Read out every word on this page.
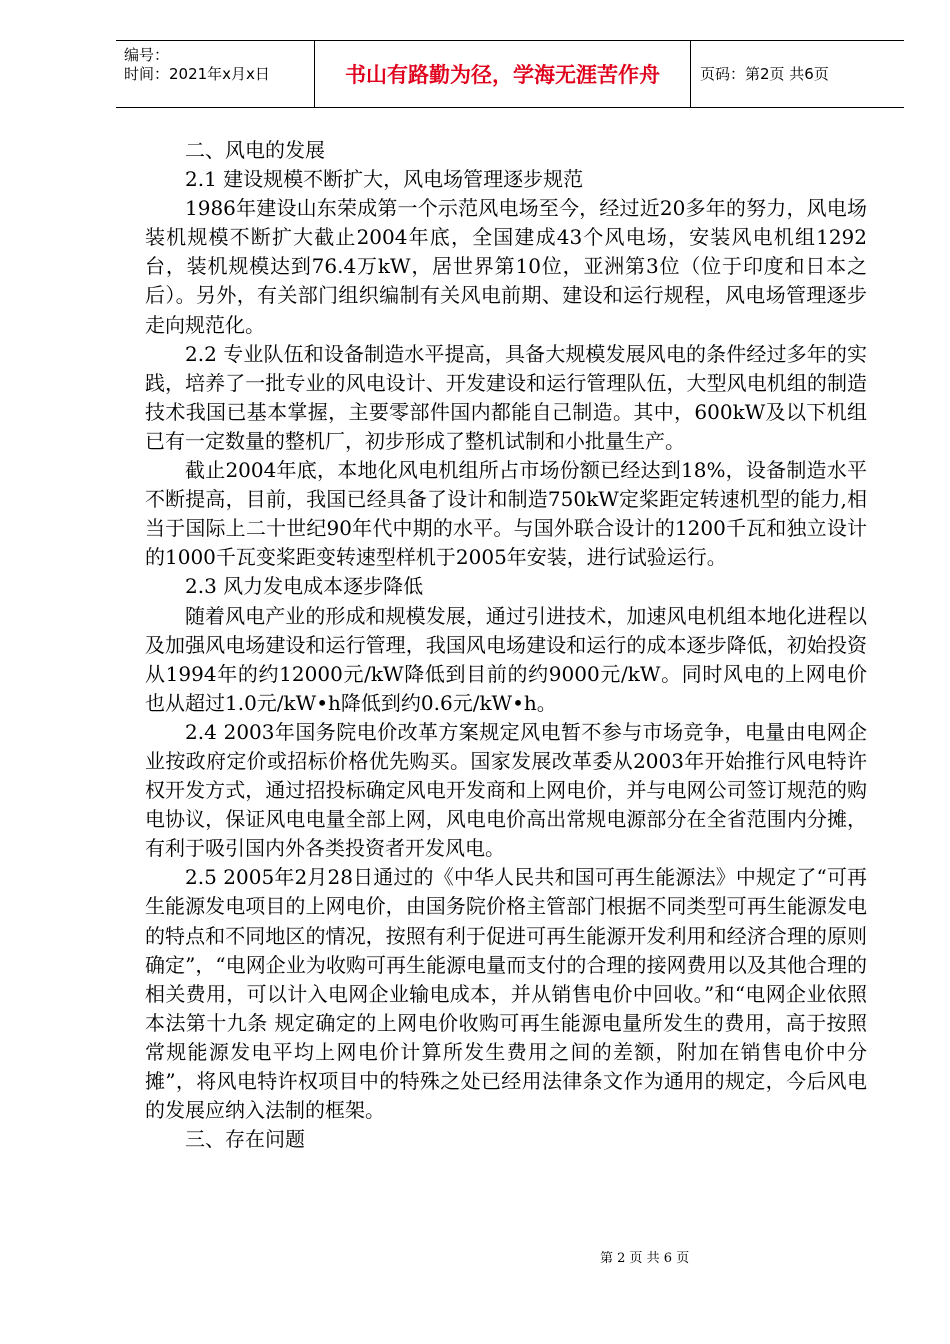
编号：
时间：2021年x月x日	书山有路勤为径，学海无涯苦作舟	页码：第2页 共6页

二、风电的发展

2.1 建设规模不断扩大，风电场管理逐步规范

1986年建设山东荣成第一个示范风电场至今，经过近20多年的努力，风电场装机规模不断扩大截止2004年底，全国建成43个风电场，安装风电机组1292台，装机规模达到76.4万kW，居世界第10位，亚洲第3位（位于印度和日本之后）。另外，有关部门组织编制有关风电前期、建设和运行规程，风电场管理逐步走向规范化。

2.2 专业队伍和设备制造水平提高，具备大规模发展风电的条件经过多年的实践，培养了一批专业的风电设计、开发建设和运行管理队伍，大型风电机组的制造技术我国已基本掌握，主要零部件国内都能自己制造。其中，600kW及以下机组已有一定数量的整机厂，初步形成了整机试制和小批量生产。

截止2004年底，本地化风电机组所占市场份额已经达到18%，设备制造水平不断提高，目前，我国已经具备了设计和制造750kW定桨距定转速机型的能力,相当于国际上二十世纪90年代中期的水平。与国外联合设计的1200千瓦和独立设计的1000千瓦变桨距变转速型样机于2005年安装，进行试验运行。

2.3 风力发电成本逐步降低

随着风电产业的形成和规模发展，通过引进技术，加速风电机组本地化进程以及加强风电场建设和运行管理，我国风电场建设和运行的成本逐步降低，初始投资从1994年的约12000元/kW降低到目前的约9000元/kW。同时风电的上网电价也从超过1.0元/kW•h降低到约0.6元/kW•h。

2.4 2003年国务院电价改革方案规定风电暂不参与市场竞争，电量由电网企业按政府定价或招标价格优先购买。国家发展改革委从2003年开始推行风电特许权开发方式，通过招投标确定风电开发商和上网电价，并与电网公司签订规范的购电协议，保证风电电量全部上网，风电电价高出常规电源部分在全省范围内分摊，有利于吸引国内外各类投资者开发风电。

2.5 2005年2月28日通过的《中华人民共和国可再生能源法》中规定了“可再生能源发电项目的上网电价，由国务院价格主管部门根据不同类型可再生能源发电的特点和不同地区的情况，按照有利于促进可再生能源开发利用和经济合理的原则确定”，“电网企业为收购可再生能源电量而支付的合理的接网费用以及其他合理的相关费用，可以计入电网企业输电成本，并从销售电价中回收。”和“电网企业依照本法第十九条 规定确定的上网电价收购可再生能源电量所发生的费用，高于按照常规能源发电平均上网电价计算所发生费用之间的差额，附加在销售电价中分摊”，将风电特许权项目中的特殊之处已经用法律条文作为通用的规定，今后风电的发展应纳入法制的框架。

三、存在问题

第 2 页 共 6 页
